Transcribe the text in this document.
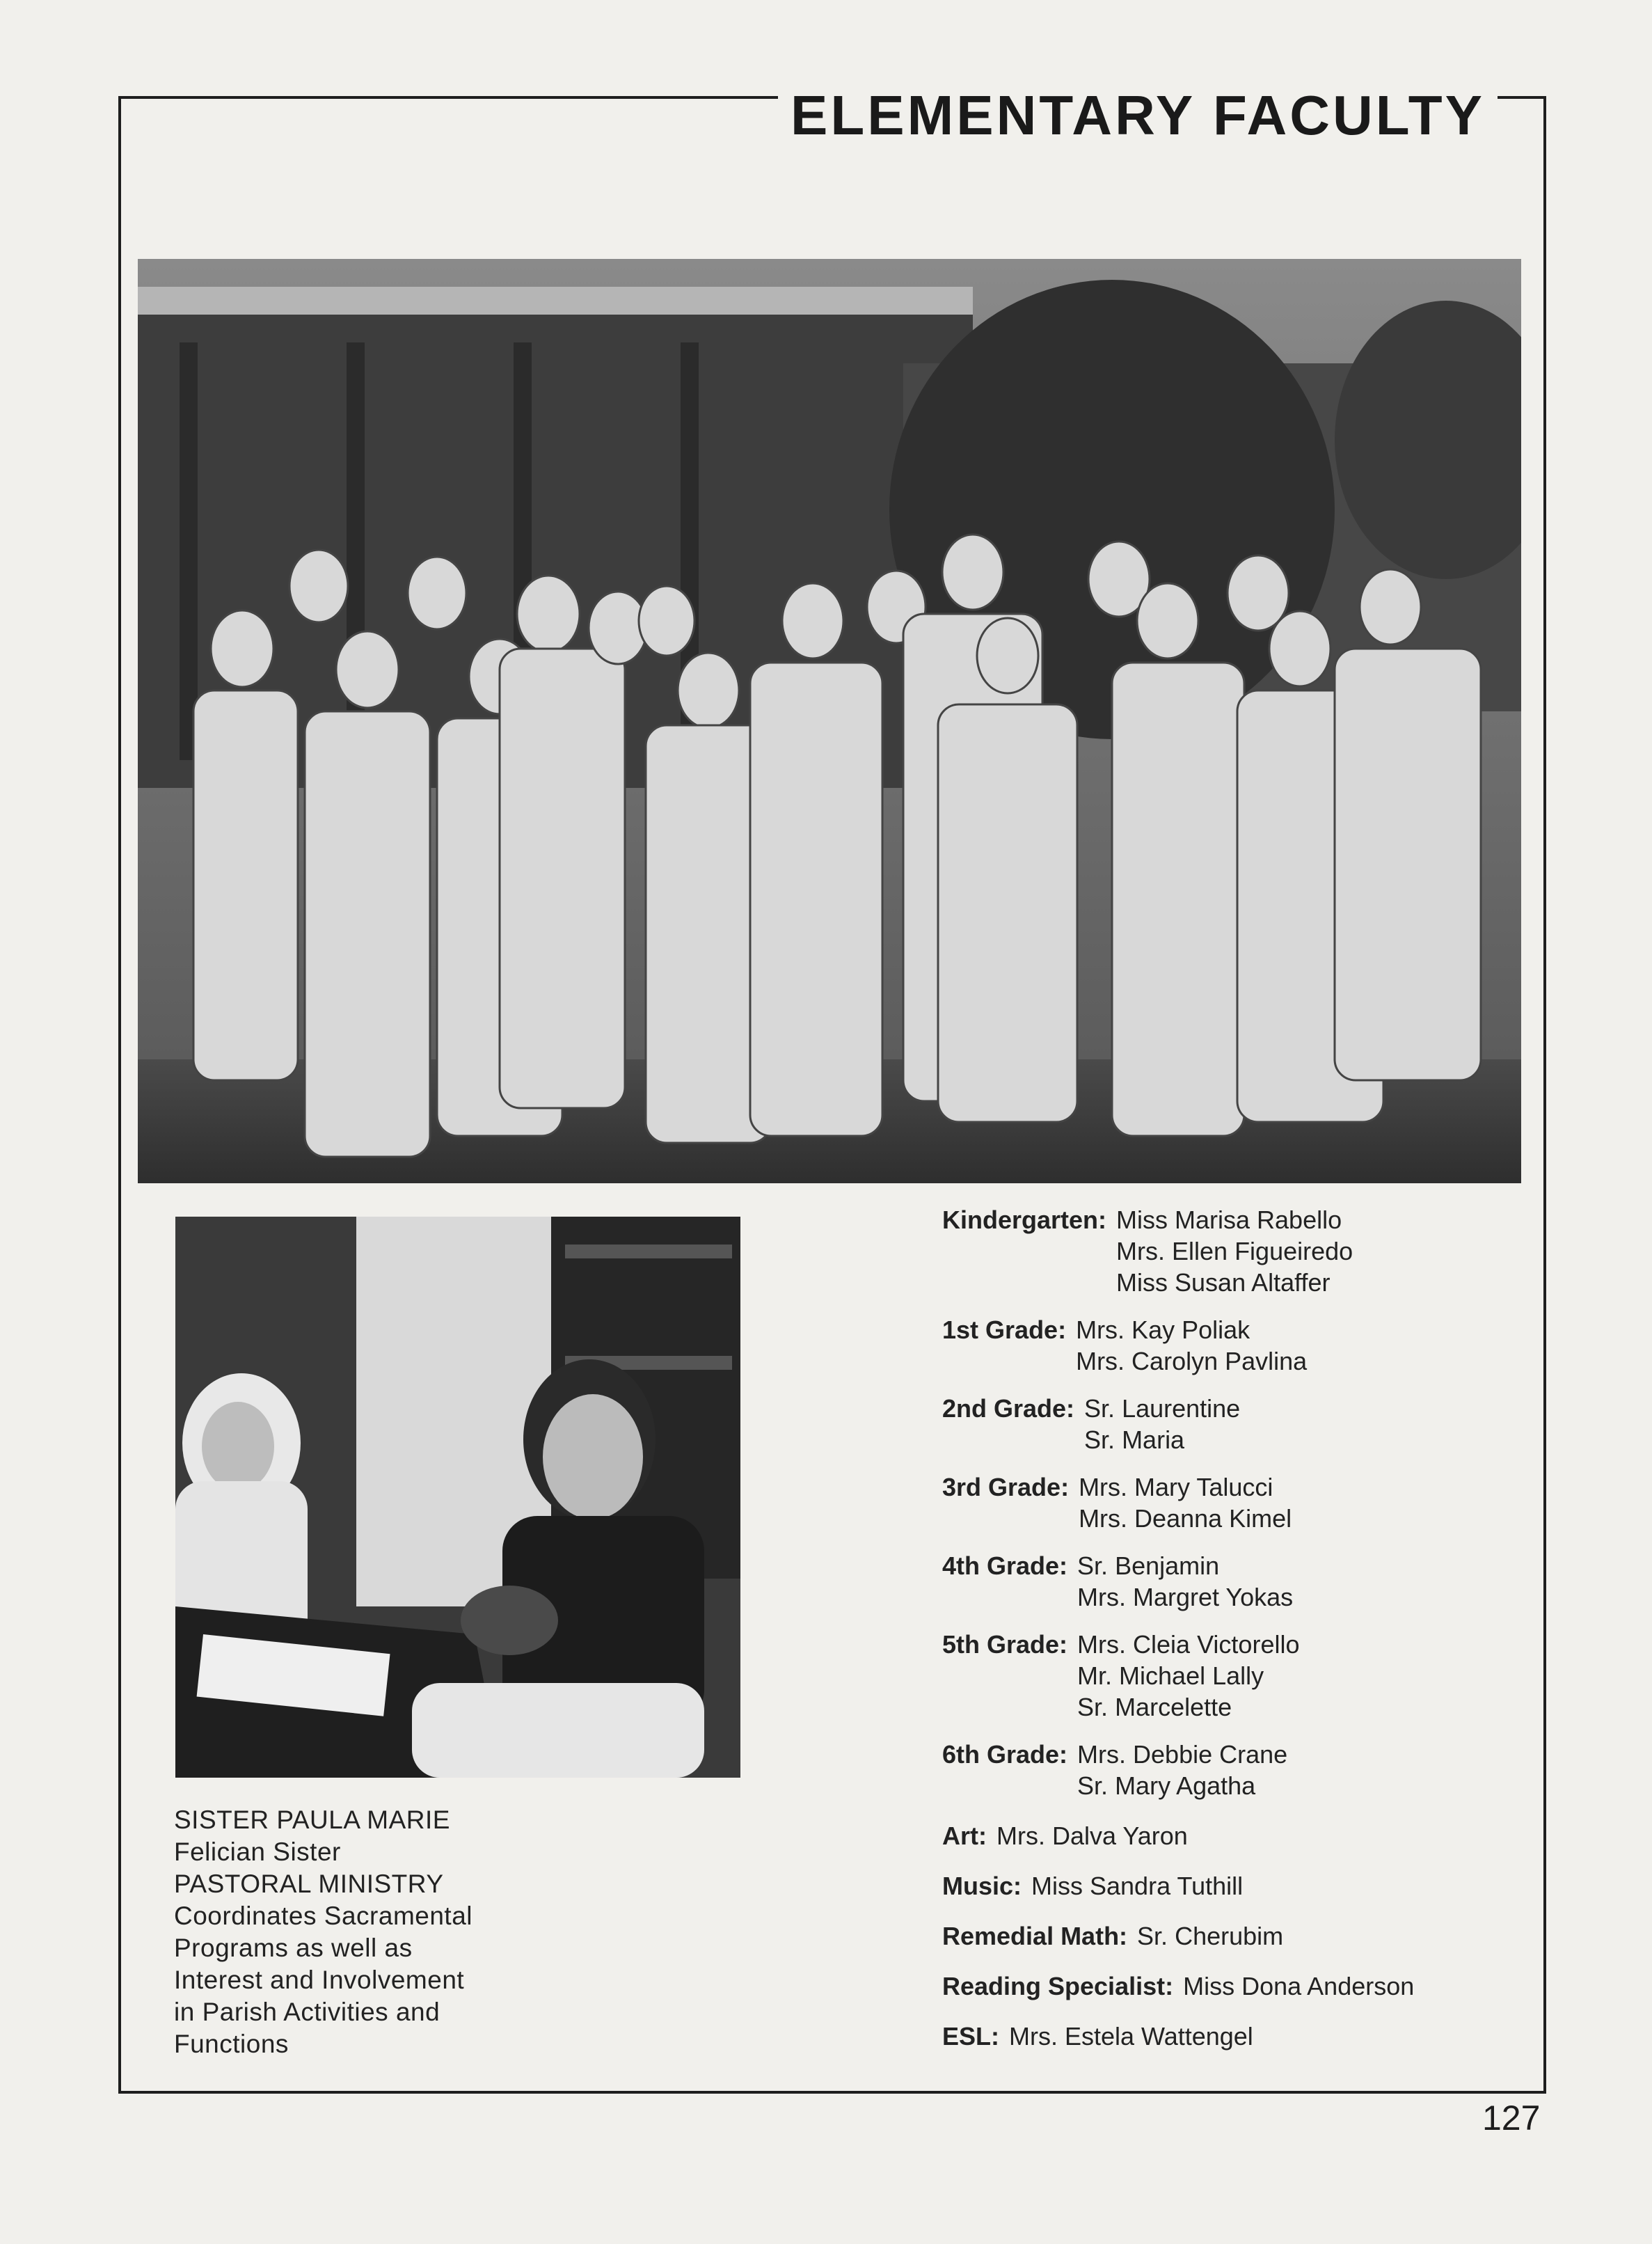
ELEMENTARY FACULTY
SISTER PAULA MARIE
Felician Sister
PASTORAL MINISTRY
Coordinates Sacramental
Programs as well as
Interest and Involvement
in Parish Activities and
Functions
Kindergarten: Miss Marisa Rabello
Mrs. Ellen Figueiredo
Miss Susan Altaffer
1st Grade: Mrs. Kay Poliak
Mrs. Carolyn Pavlina
2nd Grade: Sr. Laurentine
Sr. Maria
3rd Grade: Mrs. Mary Talucci
Mrs. Deanna Kimel
4th Grade: Sr. Benjamin
Mrs. Margret Yokas
5th Grade: Mrs. Cleia Victorello
Mr. Michael Lally
Sr. Marcelette
6th Grade: Mrs. Debbie Crane
Sr. Mary Agatha
Art: Mrs. Dalva Yaron
Music: Miss Sandra Tuthill
Remedial Math: Sr. Cherubim
Reading Specialist: Miss Dona Anderson
ESL: Mrs. Estela Wattengel
127
